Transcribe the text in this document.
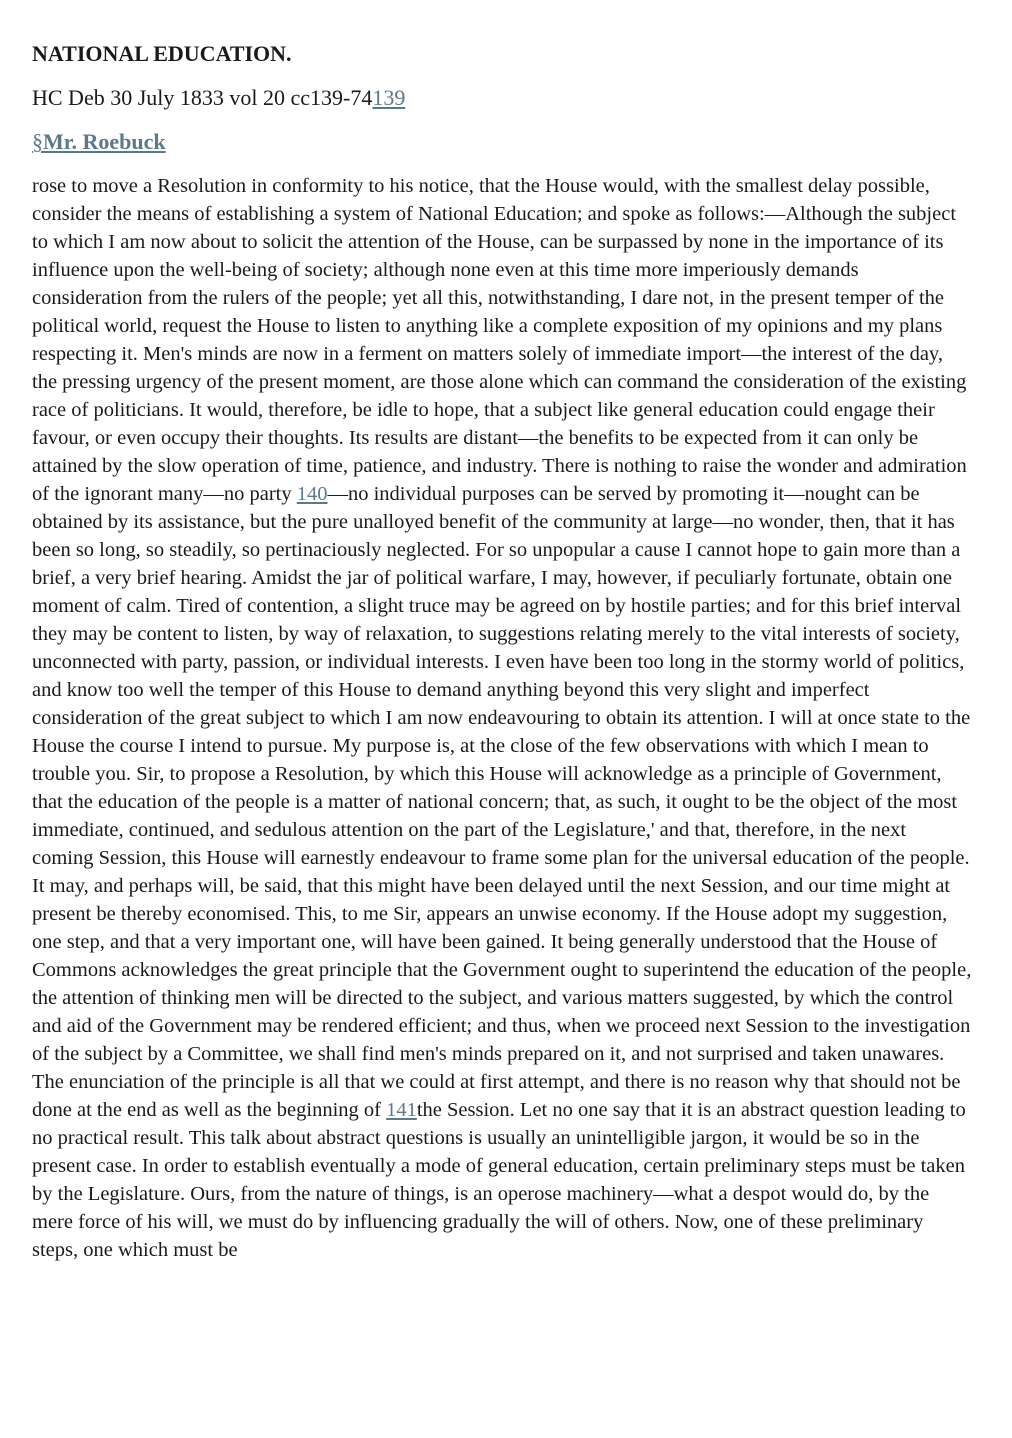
NATIONAL EDUCATION.
HC Deb 30 July 1833 vol 20 cc139-74139
§Mr. Roebuck

rose to move a Resolution in conformity to his notice, that the House would, with the smallest delay possible, consider the means of establishing a system of National Education; and spoke as follows:—Although the subject to which I am now about to solicit the attention of the House, can be surpassed by none in the importance of its influence upon the well-being of society; although none even at this time more imperiously demands consideration from the rulers of the people; yet all this, notwithstanding, I dare not, in the present temper of the political world, request the House to listen to anything like a complete exposition of my opinions and my plans respecting it. Men's minds are now in a ferment on matters solely of immediate import—the interest of the day, the pressing urgency of the present moment, are those alone which can command the consideration of the existing race of politicians. It would, therefore, be idle to hope, that a subject like general education could engage their favour, or even occupy their thoughts. Its results are distant—the benefits to be expected from it can only be attained by the slow operation of time, patience, and industry. There is nothing to raise the wonder and admiration of the ignorant many—no party 140—no individual purposes can be served by promoting it—nought can be obtained by its assistance, but the pure unalloyed benefit of the community at large—no wonder, then, that it has been so long, so steadily, so pertinaciously neglected. For so unpopular a cause I cannot hope to gain more than a brief, a very brief hearing. Amidst the jar of political warfare, I may, however, if peculiarly fortunate, obtain one moment of calm. Tired of contention, a slight truce may be agreed on by hostile parties; and for this brief interval they may be content to listen, by way of relaxation, to suggestions relating merely to the vital interests of society, unconnected with party, passion, or individual interests. I even have been too long in the stormy world of politics, and know too well the temper of this House to demand anything beyond this very slight and imperfect consideration of the great subject to which I am now endeavouring to obtain its attention. I will at once state to the House the course I intend to pursue. My purpose is, at the close of the few observations with which I mean to trouble you. Sir, to propose a Resolution, by which this House will acknowledge as a principle of Government, that the education of the people is a matter of national concern; that, as such, it ought to be the object of the most immediate, continued, and sedulous attention on the part of the Legislature,' and that, therefore, in the next coming Session, this House will earnestly endeavour to frame some plan for the universal education of the people. It may, and perhaps will, be said, that this might have been delayed until the next Session, and our time might at present be thereby economised. This, to me Sir, appears an unwise economy. If the House adopt my suggestion, one step, and that a very important one, will have been gained. It being generally understood that the House of Commons acknowledges the great principle that the Government ought to superintend the education of the people, the attention of thinking men will be directed to the subject, and various matters suggested, by which the control and aid of the Government may be rendered efficient; and thus, when we proceed next Session to the investigation of the subject by a Committee, we shall find men's minds prepared on it, and not surprised and taken unawares. The enunciation of the principle is all that we could at first attempt, and there is no reason why that should not be done at the end as well as the beginning of 141the Session. Let no one say that it is an abstract question leading to no practical result. This talk about abstract questions is usually an unintelligible jargon, it would be so in the present case. In order to establish eventually a mode of general education, certain preliminary steps must be taken by the Legislature. Ours, from the nature of things, is an operose machinery—what a despot would do, by the mere force of his will, we must do by influencing gradually the will of others. Now, one of these preliminary steps, one which must be
